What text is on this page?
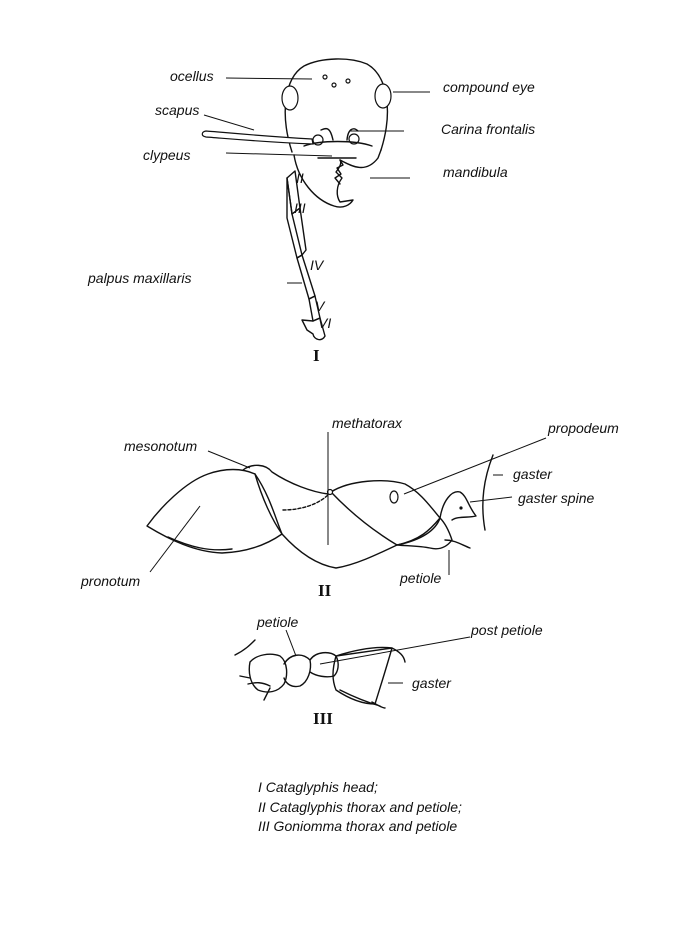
II
III
IV
V
VI
ocellus
compound eye
scapus
Carina frontalis
clypeus
mandibula
palpus maxillaris
I
methatorax	propodeum
mesonotum
gaster
gaster spine
pronotum	petiole
II
petiole	post petiole
gaster
III
I Cataglyphis head;
II Cataglyphis thorax and petiole;
III Goniomma thorax and petiole
